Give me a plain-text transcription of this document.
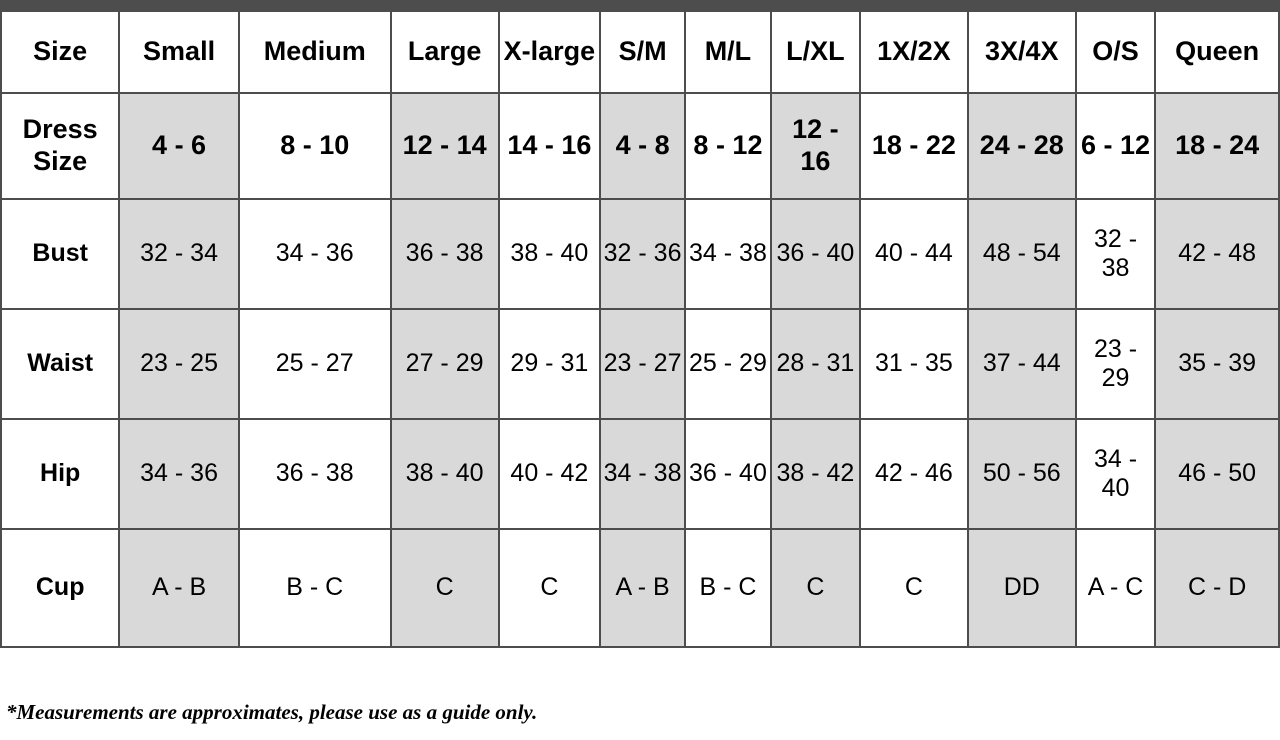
Size	Small	Medium	Large	X-large	S/M	M/L	L/XL	1X/2X	3X/4X	O/S	Queen
Dress Size	4 - 6	8 - 10	12 - 14	14 - 16	4 - 8	8 - 12	12 - 16	18 - 22	24 - 28	6 - 12	18 - 24
Bust	32 - 34	34 - 36	36 - 38	38 - 40	32 - 36	34 - 38	36 - 40	40 - 44	48 - 54	32 - 38	42 - 48
Waist	23 - 25	25 - 27	27 - 29	29 - 31	23 - 27	25 - 29	28 - 31	31 - 35	37 - 44	23 - 29	35 - 39
Hip	34 - 36	36 - 38	38 - 40	40 - 42	34 - 38	36 - 40	38 - 42	42 - 46	50 - 56	34 - 40	46 - 50
Cup	A - B	B - C	C	C	A - B	B - C	C	C	DD	A - C	C - D
*Measurements are approximates, please use as a guide only.
